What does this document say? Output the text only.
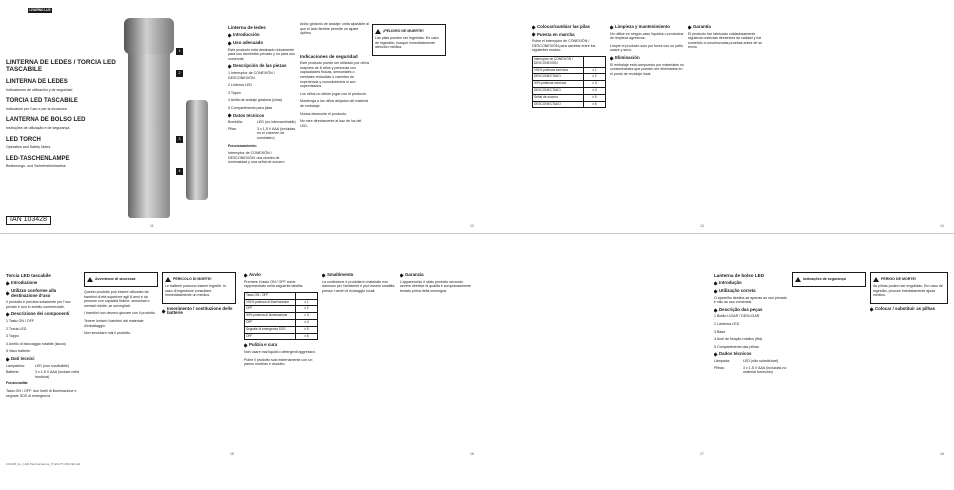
LIVARNO LUX
LINTERNA DE LEDES / TORCIA LED TASCABILE
LINTERNA DE LEDES
Indicaciones de utilización y de seguridad
TORCIA LED TASCABILE
Indicazioni per l'uso e per la sicurezza
LANTERNA DE BOLSO LED
Instruções de utilização e de segurança
LED TORCH
Operation and Safety Notes
LED-TASCHENLAMPE
Bedienungs- und Sicherheitshinweise
IAN 103428
1
2
3
4
Linterna de ledes
Introducción
Uso adecuado

Este producto está destinado únicamente para uso doméstico privado y no para uso comercial.

Descripción de las piezas

1 Interruptor de CONEXIÓN / DESCONEXIÓN

2 Linterna LED

3 Tapón

4 Anilla de anclaje giratoria (cinta)

5 Compartimento para pilas

Datos técnicos
Bombilla:	LED (no intercambiable)
Pilas:	3 x 1,5 V AAA (incluidas en el volumen de suministro)

Funcionamiento:

Interruptor de CONEXIÓN / DESCONEXIÓN: dos niveles de luminosidad y una señal de socorro

Anillo giratorio de anclaje: cinta ajustable al que el lado flexible permite un ajuste óptimo

Indicaciones de seguridad

Este producto puede ser utilizado por niños mayores de 8 años y personas con capacidades físicas, sensoriales o mentales reducidas o carentes de experiencia y conocimientos si son supervisados.

Los niños no deben jugar con el producto.

Mantenga a los niños alejados del material de embalaje.

Nunca desmonte el producto.

No mire directamente al haz de luz del LED.

¡PELIGRO DE MUERTE!

Las pilas pueden ser ingeridas. En caso de ingestión, busque inmediatamente atención médica.

Colocar/cambiar las pilas
Puesta en marcha

Pulse el interruptor de CONEXIÓN / DESCONEXIÓN para cambiar entre los siguientes modos:

Interruptor de CONEXIÓN / DESCONEXIÓN	
100% potencia lumínica	x 1
DESCONECTADO	x 2
30% potencia lumínica	x 3
DESCONECTADO	x 4
Señal de socorro	x 5
DESCONECTADO	x 6
Limpieza y mantenimiento

No utilice en ningún caso líquidos o productos de limpieza agresivos.

Limpie el producto solo por fuera con un paño suave y seco.

Eliminación

El embalaje está compuesto por materiales no contaminantes que pueden ser eliminados en el punto de reciclaje local.

Garantía

El producto fue fabricado cuidadosamente siguiendo estrictas directrices de calidad y fue sometido a concienzudas pruebas antes de su envío.

Torcia LED tascabile
Introduzione
Utilizzo conforme alla destinazione d'uso

Il prodotto è previsto solamente per l'uso privato e non in ambito commerciale.

Descrizione dei componenti

1 Tasto ON / OFF

2 Torcia LED

3 Tappo

4 Anello di bloccaggio rotabile (laccio)

5 Vano batterie

Dati tecnici
Lampadina:	LED (non sostituibile)
Batterie:	3 x 1,5 V AAA (incluse nella fornitura)

Funzionalità:

Tasto ON / OFF: due livelli di illuminazione e segnale SOS di emergenza

Avvertenze di sicurezza

Questo prodotto può essere utilizzato da bambini di età superiore agli 8 anni e da persone con capacità fisiche, sensoriali o mentali ridotte, se sorvegliati.

I bambini non devono giocare con il prodotto.

Tenere lontani i bambini dal materiale d'imballaggio.

Non smontare mai il prodotto.

PERICOLO DI MORTE!

Le batterie possono essere ingerite. In caso di ingestione consultare immediatamente un medico.

Inserimento / sostituzione delle batterie
Avvio

Premere il tasto ON / OFF come rappresentato nella seguente tabella:

Tasto ON / OFF	
100% potenza di illuminazione	x 1
OFF	x 2
30% potenza di illuminazione	x 3
OFF	x 4
Segnale di emergenza SOS	x 5
OFF	x 6
Pulizia e cura

Non usare mai liquidi o detergenti aggressivi.

Pulire il prodotto solo esternamente con un panno morbido e asciutto.

Smaltimento

La confezione è prodotta in materiale non dannoso per l'ambiente e può essere smaltita presso i centri di riciclaggio locali.

Garanzia

L'apparecchio è stato prodotto secondo severe direttive di qualità e scrupolosamente testato prima della consegna.

Lanterna de bolso LED
Introdução
Utilização correta

O aparelho destina-se apenas ao uso privado e não ao uso comercial.

Descrição das peças

1 Botão LIGAR / DESLIGAR

2 Lanterna LED

3 Base

4 Anel de fixação rotativo (fita)

5 Compartimento das pilhas

Dados técnicos
Lâmpada:	LED (não substituível)
Pilhas:	3 x 1,5 V AAA (incluídas no material fornecido)
Indicações de segurança	PERIGO DE MORTE!

As pilhas podem ser engolidas. Em caso de ingestão, procure imediatamente ajuda médica.

Colocar / substituir as pilhas
103428_lux_LED-Taschenlampe_IT-ES-PT-GB-DE.indd
11	12	13	14
15	16	17	18
